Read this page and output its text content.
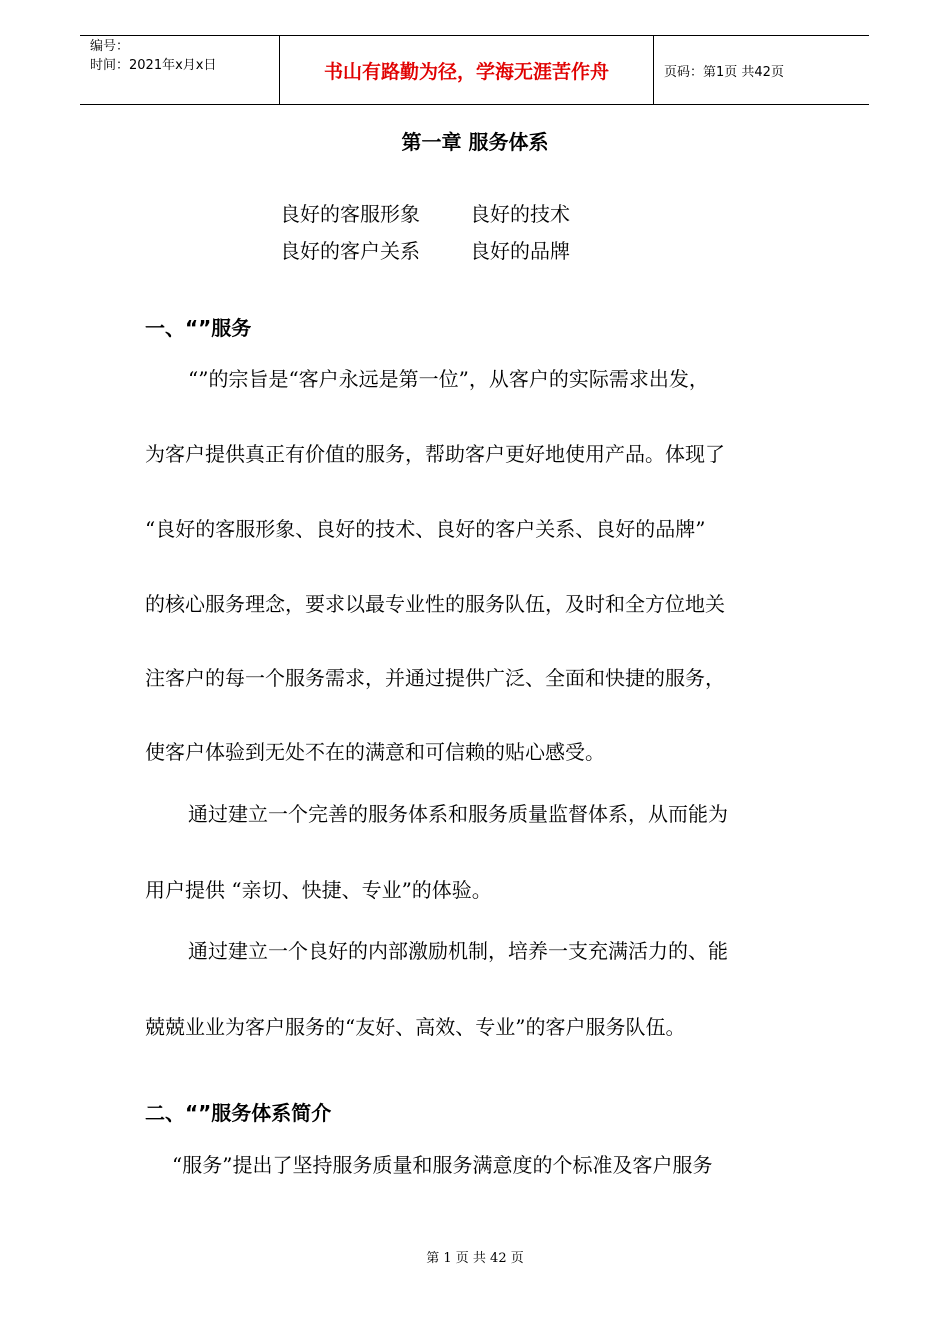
编号：
时间：2021年x月x日	书山有路勤为径，学海无涯苦作舟	页码：第1页 共42页
第一章 服务体系
良好的客服形象	良好的技术
良好的客户关系	良好的品牌
一、“”服务
“”的宗旨是“客户永远是第一位”，从客户的实际需求出发，
为客户提供真正有价值的服务，帮助客户更好地使用产品。体现了
“良好的客服形象、良好的技术、良好的客户关系、良好的品牌”
的核心服务理念，要求以最专业性的服务队伍，及时和全方位地关
注客户的每一个服务需求，并通过提供广泛、全面和快捷的服务，
使客户体验到无处不在的满意和可信赖的贴心感受。
通过建立一个完善的服务体系和服务质量监督体系，从而能为
用户提供 “亲切、快捷、专业”的体验。
通过建立一个良好的内部激励机制，培养一支充满活力的、能
兢兢业业为客户服务的“友好、高效、专业”的客户服务队伍。
二、“”服务体系简介
“服务”提出了坚持服务质量和服务满意度的个标准及客户服务
第 1 页 共 42 页
